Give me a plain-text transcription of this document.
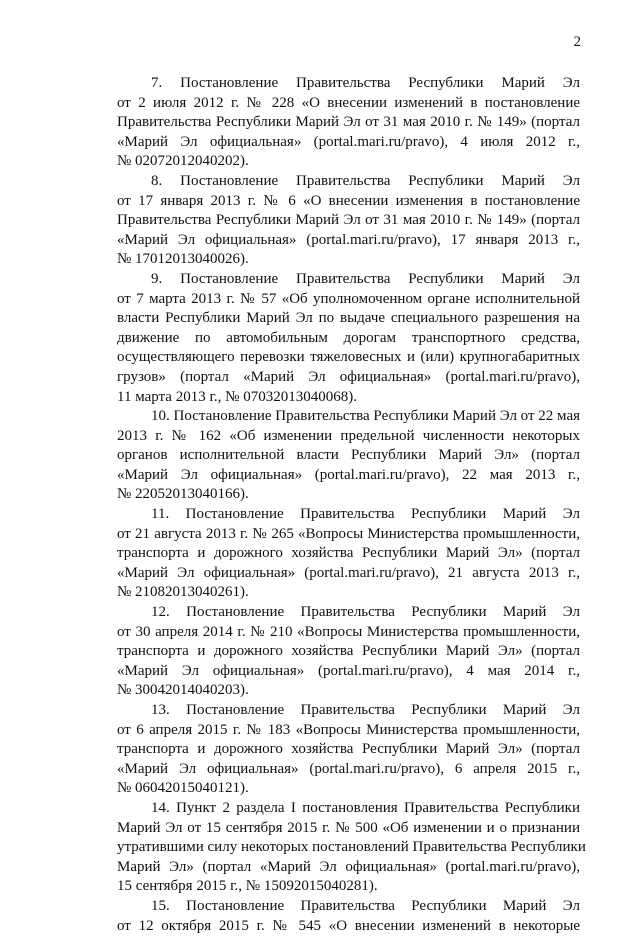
2
7. Постановление Правительства Республики Марий Эл
от 2 июля 2012 г. № 228 «О внесении изменений в постановление
Правительства Республики Марий Эл от 31 мая 2010 г. № 149» (портал
«Марий Эл официальная» (portal.mari.ru/pravo), 4 июля 2012 г.,
№ 02072012040202).
8. Постановление Правительства Республики Марий Эл
от 17 января 2013 г. № 6 «О внесении изменения в постановление
Правительства Республики Марий Эл от 31 мая 2010 г. № 149» (портал
«Марий Эл официальная» (portal.mari.ru/pravo), 17 января 2013 г.,
№ 17012013040026).
9. Постановление Правительства Республики Марий Эл
от 7 марта 2013 г. № 57 «Об уполномоченном органе исполнительной
власти Республики Марий Эл по выдаче специального разрешения на
движение по автомобильным дорогам транспортного средства,
осуществляющего перевозки тяжеловесных и (или) крупногабаритных
грузов» (портал «Марий Эл официальная» (portal.mari.ru/pravo),
11 марта 2013 г., № 07032013040068).
10. Постановление Правительства Республики Марий Эл от 22 мая
2013 г. № 162 «Об изменении предельной численности некоторых
органов исполнительной власти Республики Марий Эл» (портал
«Марий Эл официальная» (portal.mari.ru/pravo), 22 мая 2013 г.,
№ 22052013040166).
11. Постановление Правительства Республики Марий Эл
от 21 августа 2013 г. № 265 «Вопросы Министерства промышленности,
транспорта и дорожного хозяйства Республики Марий Эл» (портал
«Марий Эл официальная» (portal.mari.ru/pravo), 21 августа 2013 г.,
№ 21082013040261).
12. Постановление Правительства Республики Марий Эл
от 30 апреля 2014 г. № 210 «Вопросы Министерства промышленности,
транспорта и дорожного хозяйства Республики Марий Эл» (портал
«Марий Эл официальная» (portal.mari.ru/pravo), 4 мая 2014 г.,
№ 30042014040203).
13. Постановление Правительства Республики Марий Эл
от 6 апреля 2015 г. № 183 «Вопросы Министерства промышленности,
транспорта и дорожного хозяйства Республики Марий Эл» (портал
«Марий Эл официальная» (portal.mari.ru/pravo), 6 апреля 2015 г.,
№ 06042015040121).
14. Пункт 2 раздела I постановления Правительства Республики
Марий Эл от 15 сентября 2015 г. № 500 «Об изменении и о признании
утратившими силу некоторых постановлений Правительства Республики
Марий Эл» (портал «Марий Эл официальная» (portal.mari.ru/pravo),
15 сентября 2015 г., № 15092015040281).
15. Постановление Правительства Республики Марий Эл
от 12 октября 2015 г. № 545 «О внесении изменений в некоторые
